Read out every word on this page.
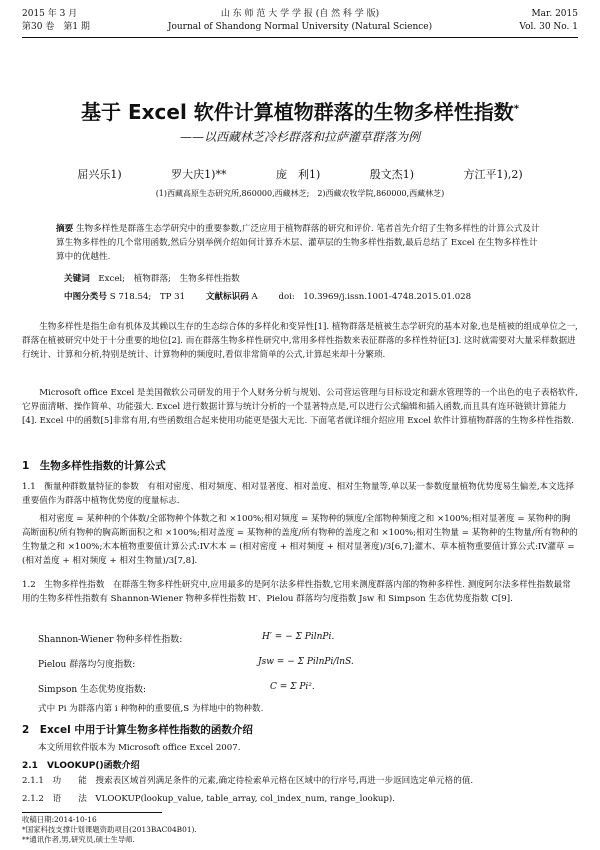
2015 年 3 月
第30 卷　第1 期
山 东 师 范 大 学 学 报 (自 然 科 学 版)
Journal of Shandong Normal University (Natural Science)
Mar. 2015
Vol. 30 No. 1
基于 Excel 软件计算植物群落的生物多样性指数*
——以西藏林芝冷杉群落和拉萨灌草群落为例
屈兴乐1)	罗大庆1)**	庞　利1)	殷文杰1)	方江平1),2)
(1)西藏高原生态研究所,860000,西藏林芝;　2)西藏农牧学院,860000,西藏林芝)
摘要 生物多样性是群落生态学研究中的重要参数,广泛应用于植物群落的研究和评价. 笔者首先介绍了生物多样性的计算公式及计算生物多样性的几个常用函数,然后分别举例介绍如何计算乔木层、灌草层的生物多样性指数,最后总结了 Excel 在生物多样性计算中的优越性.
关键词　 Excel;　植物群落;　生物多样性指数
中图分类号 S 718.54;　TP 31 文献标识码 A doi:　10.3969/j.issn.1001-4748.2015.01.028
生物多样性是指生命有机体及其赖以生存的生态综合体的多样化和变异性[1]. 植物群落是植被生态学研究的基本对象,也是植被的组成单位之一,群落在植被研究中处于十分重要的地位[2]. 而在群落生物多样性研究中,常用多样性指数来表征群落的多样性特征[3]. 这时就需要对大量采样数据进行统计、计算和分析,特别是统计、计算物种的频度时,看似非常简单的公式,计算起来却十分繁琐.
Microsoft office Excel 是美国微软公司研发的用于个人财务分析与规划、公司营运管理与目标设定和薪水管理等的一个出色的电子表格软件,它界面清晰、操作简单、功能强大. Excel 进行数据计算与统计分析的一个显著特点是,可以进行公式编辑和插入函数,而且具有连环链锁计算能力[4]. Excel 中的函数[5]非常有用,有些函数组合起来使用功能更是强大无比. 下面笔者就详细介绍应用 Excel 软件计算植物群落的生物多样性指数.
1　生物多样性指数的计算公式
1.1　衡量种群数量特征的参数　有相对密度、相对频度、相对显著度、相对盖度、相对生物量等,单以某一参数度量植物优势度易生偏差,本文选择重要值作为群落中植物优势度的度量标志.
相对密度 = 某种种的个体数/全部物种个体数之和 ×100%;相对频度 = 某物种的频度/全部物种频度之和 ×100%;相对显著度 = 某物种的胸高断面积/所有物种的胸高断面积之和 ×100%;相对盖度 = 某物种的盖度/所有物种的盖度之和 ×100%;相对生物量 = 某物种的生物量/所有物种的生物量之和 ×100%;木本植物重要值计算公式:IV木本 = (相对密度 + 相对频度 + 相对显著度)/3[6,7];灌木、草本植物重要值计算公式:IV灌草 = (相对盖度 + 相对频度 + 相对生物量)/3[7,8].
1.2　生物多样性指数　在群落生物多样性研究中,应用最多的是阿尔法多样性指数,它用来测度群落内部的物种多样性. 测度阿尔法多样性指数最常用的生物多样性指数有 Shannon-Wiener 物种多样性指数 H′、Pielou 群落均匀度指数 Jsw 和 Simpson 生态优势度指数 C[9].
Shannon-Wiener 物种多样性指数:	H′ = − Σ PilnPi.
Pielou 群落均匀度指数:	Jsw = − Σ PilnPi/lnS.
Simpson 生态优势度指数:	C = Σ Pi².
式中 Pi 为群落内第 i 种物种的重要值,S 为样地中的物种数.
2　Excel 中用于计算生物多样性指数的函数介绍
本文所用软件版本为 Microsoft office Excel 2007.
2.1　VLOOKUP()函数介绍
2.1.1　功　　能　搜索表区域首列满足条件的元素,确定待检索单元格在区域中的行序号,再进一步返回选定单元格的值.
2.1.2　语　　法　VLOOKUP(lookup_value, table_array, col_index_num, range_lookup).
收稿日期:2014-10-16
*国家科技支撑计划课题资助项目(2013BAC04B01).
**通讯作者,男,研究员,硕士生导师.
